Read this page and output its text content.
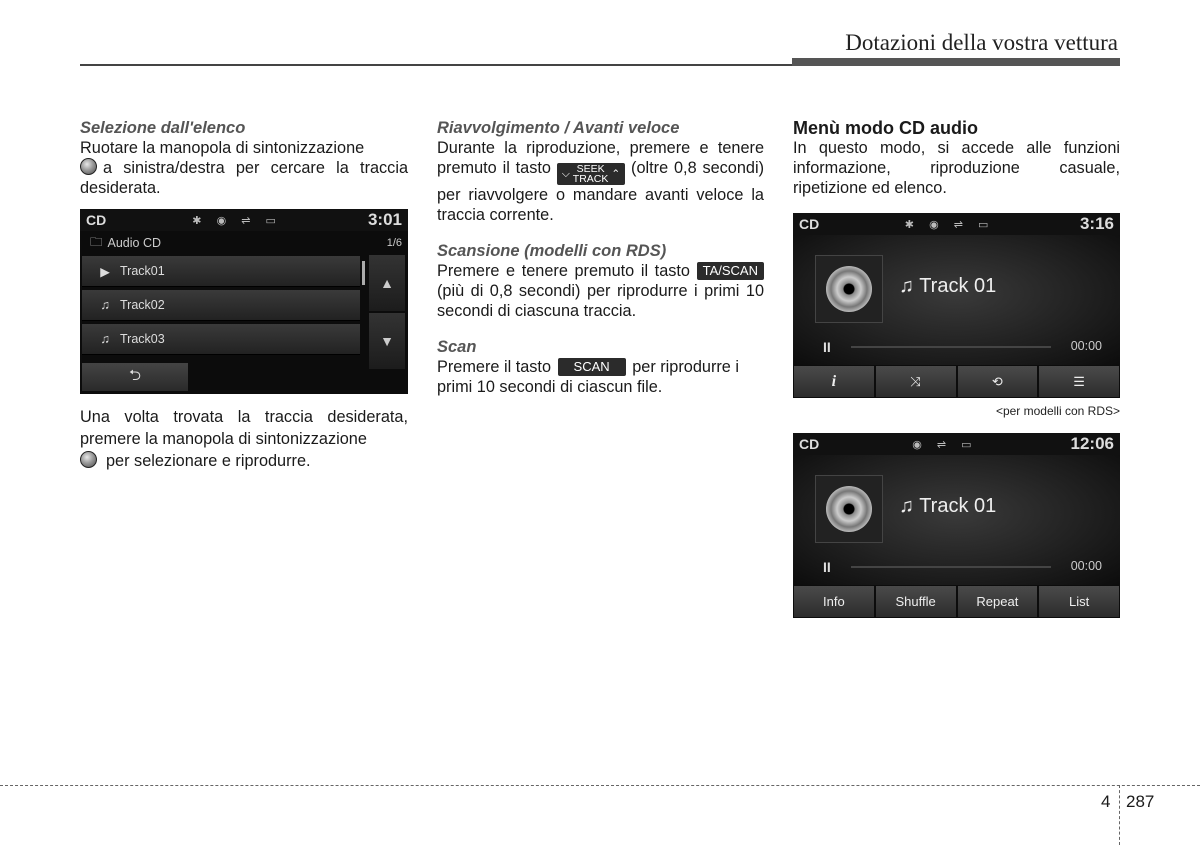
Dotazioni della vostra vettura

Selezione dall'elenco

Ruotare la manopola di sintonizzazione
a sinistra/destra per cercare la traccia desiderata.

CD	✱ ◉ ⇌ ▭	3:01
🗀 Audio CD	1/6
▶ Track01
♫ Track02
♫ Track03
▲
▼
⮌

Una volta trovata la traccia desiderata, premere la manopola di sintonizzazione
per selezionare e riprodurre.

Riavvolgimento / Avanti veloce

Durante la riproduzione, premere e tenere premuto il tasto ⌵ SEEK
TRACK ⌃ (oltre 0,8 secondi) per riavvolgere o mandare avanti veloce la traccia corrente.

Scansione (modelli con RDS)

Premere e tenere premuto il tasto TA/SCAN (più di 0,8 secondi) per riprodurre i primi 10 secondi di ciascuna traccia.

Scan

Premere il tasto SCAN per riprodurre i primi 10 secondi di ciascun file.

Menù modo CD audio

In questo modo, si accede alle funzioni informazione, riproduzione casuale, ripetizione ed elenco.

CD	✱ ◉ ⇌ ▭	3:16
♫ Track 01
II	00:00
i	⤨	⟲	☰
<per modelli con RDS>
CD	◉ ⇌ ▭	12:06
♫ Track 01
II	00:00
Info	Shuffle	Repeat	List
4 287
